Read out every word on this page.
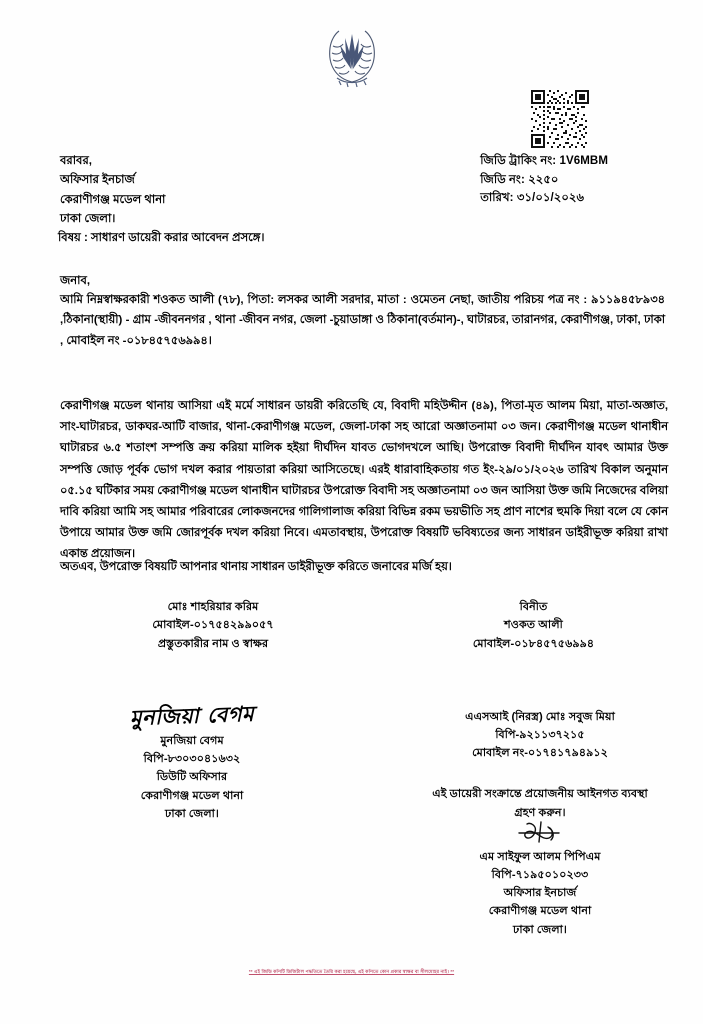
বরাবর,
অফিসার ইনচার্জ
কেরাণীগঞ্জ মডেল থানা
ঢাকা জেলা।
জিডি ট্রাকিং নং: 1V6MBM
জিডি নং: ২২৫০
তারিখ: ৩১/০১/২০২৬
বিষয় : সাধারণ ডায়েরী করার আবেদন প্রসঙ্গে।
জনাব,
আমি নিম্নস্বাক্ষরকারী শওকত আলী (৭৮), পিতা: লসকর আলী সরদার, মাতা : ওমেতন নেছা, জাতীয় পরিচয় পত্র নং : ৯১১৯৪৫৮৯৩৪ ,ঠিকানা(স্থায়ী) - গ্রাম -জীবননগর , থানা -জীবন নগর, জেলা -চুয়াডাঙ্গা ও ঠিকানা(বর্তমান)-, ঘাটারচর, তারানগর, কেরাণীগঞ্জ, ঢাকা, ঢাকা , মোবাইল নং -০১৮৪৫৭৫৬৯৯৪।
কেরাণীগঞ্জ মডেল থানায় আসিয়া এই মর্মে সাধারন ডায়রী করিতেছি যে, বিবাদী মহিউদ্দীন (৪৯), পিতা-মৃত আলম মিয়া, মাতা-অজ্ঞাত, সাং-ঘাটারচর, ডাকঘর-আটি বাজার, থানা-কেরাণীগঞ্জ মডেল, জেলা-ঢাকা সহ আরো অজ্ঞাতনামা ০৩ জন। কেরাণীগঞ্জ মডেল থানাধীন ঘাটারচর ৬.৫ শতাংশ সম্পত্তি ক্রয় করিয়া মালিক হইয়া দীর্ঘদিন যাবত ভোগদখলে আছি। উপরোক্ত বিবাদী দীর্ঘদিন যাবৎ আমার উক্ত সম্পত্তি জোড় পূর্বক ভোগ দখল করার পায়তারা করিয়া আসিতেছে। এরই ধারাবাহিকতায় গত ইং-২৯/০১/২০২৬ তারিখ বিকাল অনুমান ০৫.১৫ ঘটিকার সময় কেরাণীগঞ্জ মডেল থানাধীন ঘাটারচর উপরোক্ত বিবাদী সহ অজ্ঞাতনামা ০৩ জন আসিয়া উক্ত জমি নিজেদের বলিয়া দাবি করিয়া আমি সহ আমার পরিবারের লোকজনদের গালিগালাজ করিয়া বিভিন্ন রকম ভয়ভীতি সহ প্রাণ নাশের হুমকি দিয়া বলে যে কোন উপায়ে আমার উক্ত জমি জোরপূর্বক দখল করিয়া নিবে। এমতাবস্থায়, উপরোক্ত বিষয়টি ভবিষ্যতের জন্য সাধারন ডাইরীভূক্ত করিয়া রাখা একান্ত প্রয়োজন।
অতএব, উপরোক্ত বিষয়টি আপনার থানায় সাধারন ডাইরীভূক্ত করিতে জনাবের মর্জি হয়।
মোঃ শাহরিয়ার করিম
মোবাইল-০১৭৫৪২৯৯০৫৭
প্রস্তুতকারীর নাম ও স্বাক্ষর
বিনীত
শওকত আলী
মোবাইল-০১৮৪৫৭৫৬৯৯৪
মুনজিয়া বেগম
মুনজিয়া বেগম
বিপি-৮৩০৩০৪১৬৩২
ডিউটি অফিসার
কেরাণীগঞ্জ মডেল থানা
ঢাকা জেলা।
এএসআই (নিরস্ত্র) মোঃ সবুজ মিয়া
বিপি-৯২১১৩৭২১৫
মোবাইল নং-০১৭৪১৭৯৪৯১২
এই ডায়েরী সংক্রান্তে প্রয়োজনীয় আইনগত ব্যবস্থা
গ্রহণ করুন।
এম সাইফুল আলম পিপিএম
বিপি-৭১৯৫০১০২৩৩
অফিসার ইনচার্জ
কেরাণীগঞ্জ মডেল থানা
ঢাকা জেলা।
** এই জিডি কপিটি ডিজিটাল পদ্ধতিতে তৈরি করা হয়েছে, এই কপিতে কোন প্রকার স্বাক্ষর বা সীলমোহর নাই। **
